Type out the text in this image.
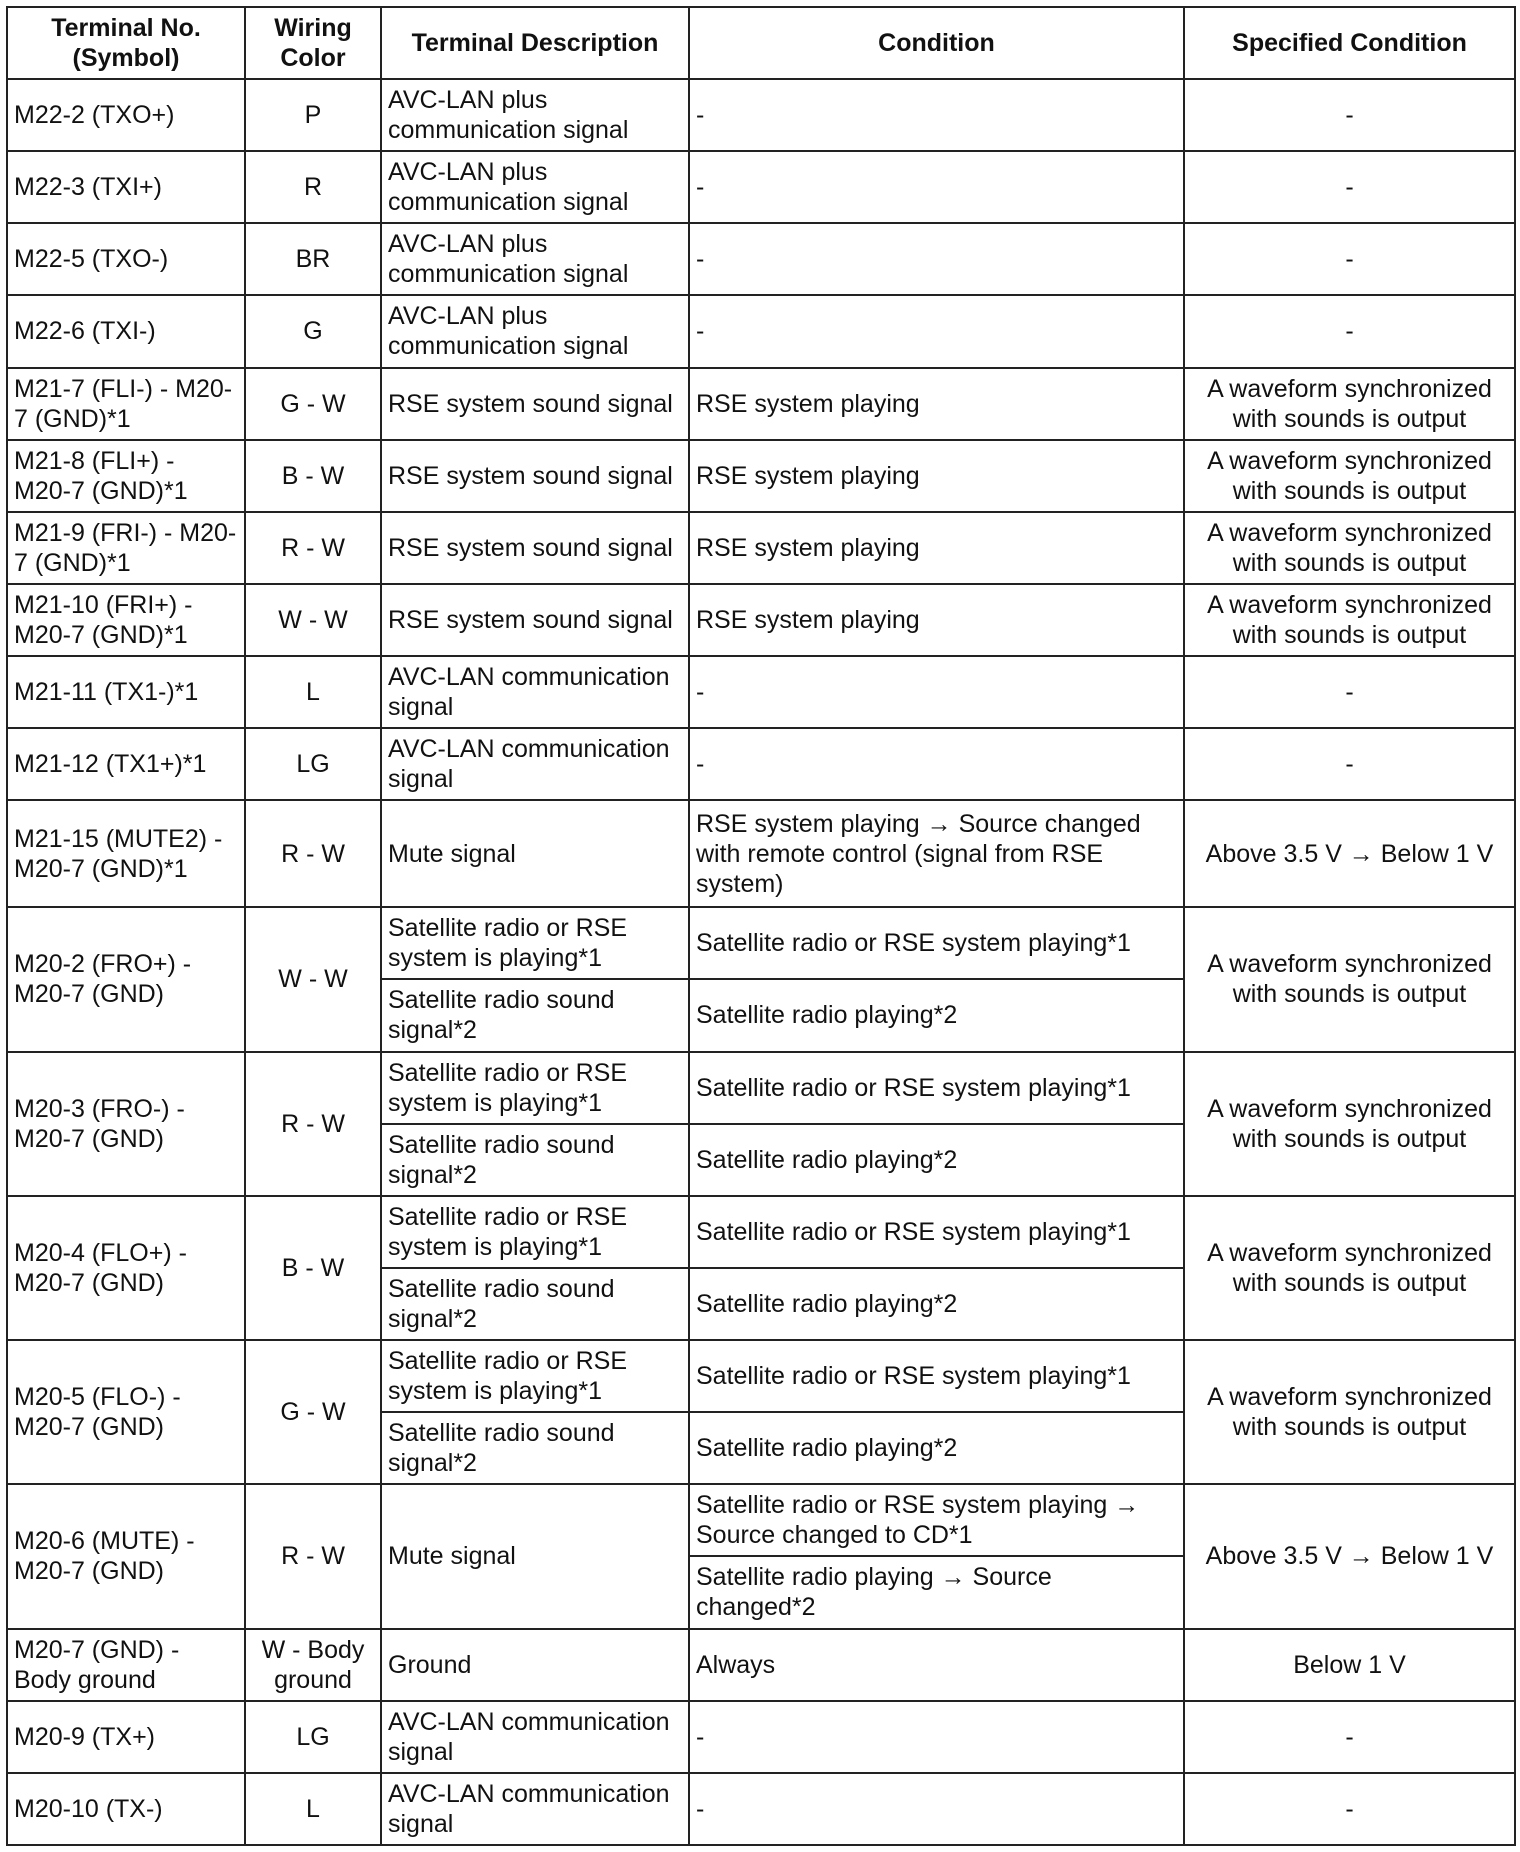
Terminal No. (Symbol)	Wiring Color	Terminal Description	Condition	Specified Condition
M22-2 (TXO+)	P	AVC-LAN plus communication signal	-	-
M22-3 (TXI+)	R	AVC-LAN plus communication signal	-	-
M22-5 (TXO-)	BR	AVC-LAN plus communication signal	-	-
M22-6 (TXI-)	G	AVC-LAN plus communication signal	-	-
M21-7 (FLI-) - M20-7 (GND)*1	G - W	RSE system sound signal	RSE system playing	A waveform synchronized with sounds is output
M21-8 (FLI+) - M20-7 (GND)*1	B - W	RSE system sound signal	RSE system playing	A waveform synchronized with sounds is output
M21-9 (FRI-) - M20-7 (GND)*1	R - W	RSE system sound signal	RSE system playing	A waveform synchronized with sounds is output
M21-10 (FRI+) - M20-7 (GND)*1	W - W	RSE system sound signal	RSE system playing	A waveform synchronized with sounds is output
M21-11 (TX1-)*1	L	AVC-LAN communication signal	-	-
M21-12 (TX1+)*1	LG	AVC-LAN communication signal	-	-
M21-15 (MUTE2) - M20-7 (GND)*1	R - W	Mute signal	RSE system playing → Source changed with remote control (signal from RSE system)	Above 3.5 V → Below 1 V
M20-2 (FRO+) - M20-7 (GND)	W - W	Satellite radio or RSE system is playing*1	Satellite radio or RSE system playing*1	A waveform synchronized with sounds is output
		Satellite radio sound signal*2	Satellite radio playing*2	
M20-3 (FRO-) - M20-7 (GND)	R - W	Satellite radio or RSE system is playing*1	Satellite radio or RSE system playing*1	A waveform synchronized with sounds is output
		Satellite radio sound signal*2	Satellite radio playing*2	
M20-4 (FLO+) - M20-7 (GND)	B - W	Satellite radio or RSE system is playing*1	Satellite radio or RSE system playing*1	A waveform synchronized with sounds is output
		Satellite radio sound signal*2	Satellite radio playing*2	
M20-5 (FLO-) - M20-7 (GND)	G - W	Satellite radio or RSE system is playing*1	Satellite radio or RSE system playing*1	A waveform synchronized with sounds is output
		Satellite radio sound signal*2	Satellite radio playing*2	
M20-6 (MUTE) - M20-7 (GND)	R - W	Mute signal	Satellite radio or RSE system playing → Source changed to CD*1	Above 3.5 V → Below 1 V
			Satellite radio playing → Source changed*2	
M20-7 (GND) - Body ground	W - Body ground	Ground	Always	Below 1 V
M20-9 (TX+)	LG	AVC-LAN communication signal	-	-
M20-10 (TX-)	L	AVC-LAN communication signal	-	-
